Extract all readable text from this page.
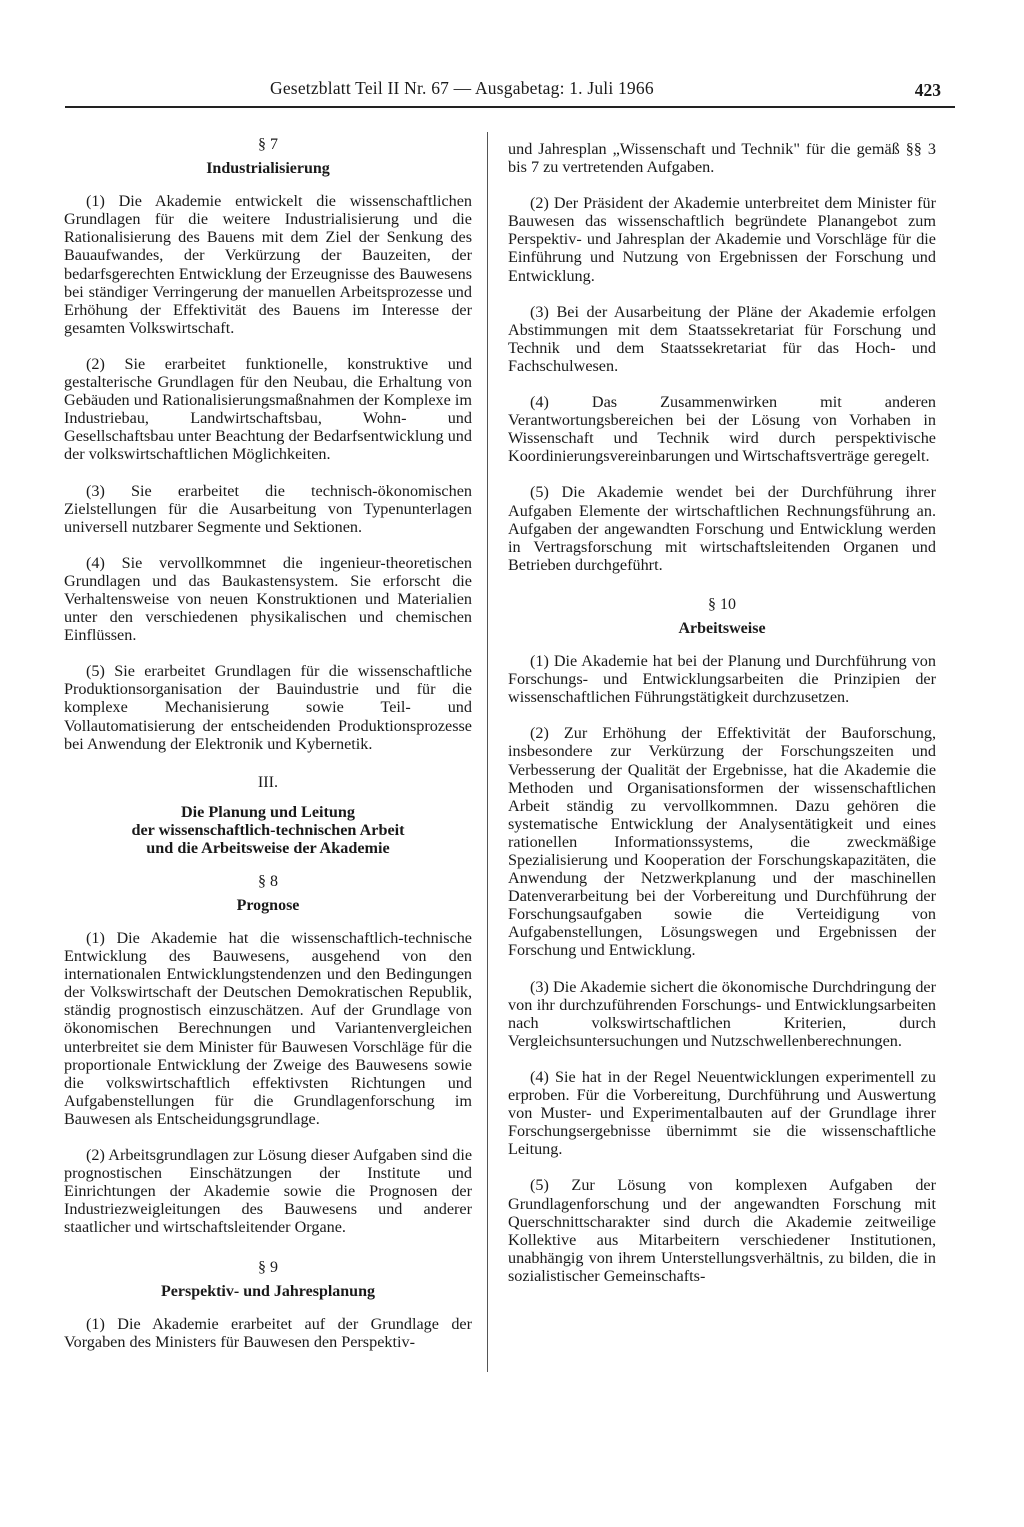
Gesetzblatt Teil II Nr. 67 — Ausgabetag: 1. Juli 1966	423
§ 7
Industrialisierung

(1) Die Akademie entwickelt die wissenschaftlichen Grundlagen für die weitere Industrialisierung und die Rationalisierung des Bauens mit dem Ziel der Senkung des Bauaufwandes, der Verkürzung der Bauzeiten, der bedarfsgerechten Entwicklung der Erzeugnisse des Bauwesens bei ständiger Verringerung der manuellen Arbeitsprozesse und Erhöhung der Effektivität des Bauens im Interesse der gesamten Volkswirtschaft.

(2) Sie erarbeitet funktionelle, konstruktive und gestalterische Grundlagen für den Neubau, die Erhaltung von Gebäuden und Rationalisierungsmaßnahmen der Komplexe im Industriebau, Landwirtschaftsbau, Wohn- und Gesellschaftsbau unter Beachtung der Bedarfsentwicklung und der volkswirtschaftlichen Möglichkeiten.

(3) Sie erarbeitet die technisch-ökonomischen Zielstellungen für die Ausarbeitung von Typenunterlagen universell nutzbarer Segmente und Sektionen.

(4) Sie vervollkommnet die ingenieur-theoretischen Grundlagen und das Baukastensystem. Sie erforscht die Verhaltensweise von neuen Konstruktionen und Materialien unter den verschiedenen physikalischen und chemischen Einflüssen.

(5) Sie erarbeitet Grundlagen für die wissenschaftliche Produktionsorganisation der Bauindustrie und für die komplexe Mechanisierung sowie Teil- und Vollautomatisierung der entscheidenden Produktionsprozesse bei Anwendung der Elektronik und Kybernetik.

III.
Die Planung und Leitung
der wissenschaftlich-technischen Arbeit
und die Arbeitsweise der Akademie
§ 8
Prognose

(1) Die Akademie hat die wissenschaftlich-technische Entwicklung des Bauwesens, ausgehend von den internationalen Entwicklungstendenzen und den Bedingungen der Volkswirtschaft der Deutschen Demokratischen Republik, ständig prognostisch einzuschätzen. Auf der Grundlage von ökonomischen Berechnungen und Variantenvergleichen unterbreitet sie dem Minister für Bauwesen Vorschläge für die proportionale Entwicklung der Zweige des Bauwesens sowie die volkswirtschaftlich effektivsten Richtungen und Aufgabenstellungen für die Grundlagenforschung im Bauwesen als Entscheidungsgrundlage.

(2) Arbeitsgrundlagen zur Lösung dieser Aufgaben sind die prognostischen Einschätzungen der Institute und Einrichtungen der Akademie sowie die Prognosen der Industriezweigleitungen des Bauwesens und anderer staatlicher und wirtschaftsleitender Organe.

§ 9
Perspektiv- und Jahresplanung

(1) Die Akademie erarbeitet auf der Grundlage der Vorgaben des Ministers für Bauwesen den Perspektiv-

und Jahresplan „Wissenschaft und Technik" für die gemäß §§ 3 bis 7 zu vertretenden Aufgaben.

(2) Der Präsident der Akademie unterbreitet dem Minister für Bauwesen das wissenschaftlich begründete Planangebot zum Perspektiv- und Jahresplan der Akademie und Vorschläge für die Einführung und Nutzung von Ergebnissen der Forschung und Entwicklung.

(3) Bei der Ausarbeitung der Pläne der Akademie erfolgen Abstimmungen mit dem Staatssekretariat für Forschung und Technik und dem Staatssekretariat für das Hoch- und Fachschulwesen.

(4) Das Zusammenwirken mit anderen Verantwortungsbereichen bei der Lösung von Vorhaben in Wissenschaft und Technik wird durch perspektivische Koordinierungsvereinbarungen und Wirtschaftsverträge geregelt.

(5) Die Akademie wendet bei der Durchführung ihrer Aufgaben Elemente der wirtschaftlichen Rechnungsführung an. Aufgaben der angewandten Forschung und Entwicklung werden in Vertragsforschung mit wirtschaftsleitenden Organen und Betrieben durchgeführt.

§ 10
Arbeitsweise

(1) Die Akademie hat bei der Planung und Durchführung von Forschungs- und Entwicklungsarbeiten die Prinzipien der wissenschaftlichen Führungstätigkeit durchzusetzen.

(2) Zur Erhöhung der Effektivität der Bauforschung, insbesondere zur Verkürzung der Forschungszeiten und Verbesserung der Qualität der Ergebnisse, hat die Akademie die Methoden und Organisationsformen der wissenschaftlichen Arbeit ständig zu vervollkommnen. Dazu gehören die systematische Entwicklung der Analysentätigkeit und eines rationellen Informationssystems, die zweckmäßige Spezialisierung und Kooperation der Forschungskapazitäten, die Anwendung der Netzwerkplanung und der maschinellen Datenverarbeitung bei der Vorbereitung und Durchführung der Forschungsaufgaben sowie die Verteidigung von Aufgabenstellungen, Lösungswegen und Ergebnissen der Forschung und Entwicklung.

(3) Die Akademie sichert die ökonomische Durchdringung der von ihr durchzuführenden Forschungs- und Entwicklungsarbeiten nach volkswirtschaftlichen Kriterien, durch Vergleichsuntersuchungen und Nutzschwellenberechnungen.

(4) Sie hat in der Regel Neuentwicklungen experimentell zu erproben. Für die Vorbereitung, Durchführung und Auswertung von Muster- und Experimentalbauten auf der Grundlage ihrer Forschungsergebnisse übernimmt sie die wissenschaftliche Leitung.

(5) Zur Lösung von komplexen Aufgaben der Grundlagenforschung und der angewandten Forschung mit Querschnittscharakter sind durch die Akademie zeitweilige Kollektive aus Mitarbeitern verschiedener Institutionen, unabhängig von ihrem Unterstellungsverhältnis, zu bilden, die in sozialistischer Gemeinschafts-
